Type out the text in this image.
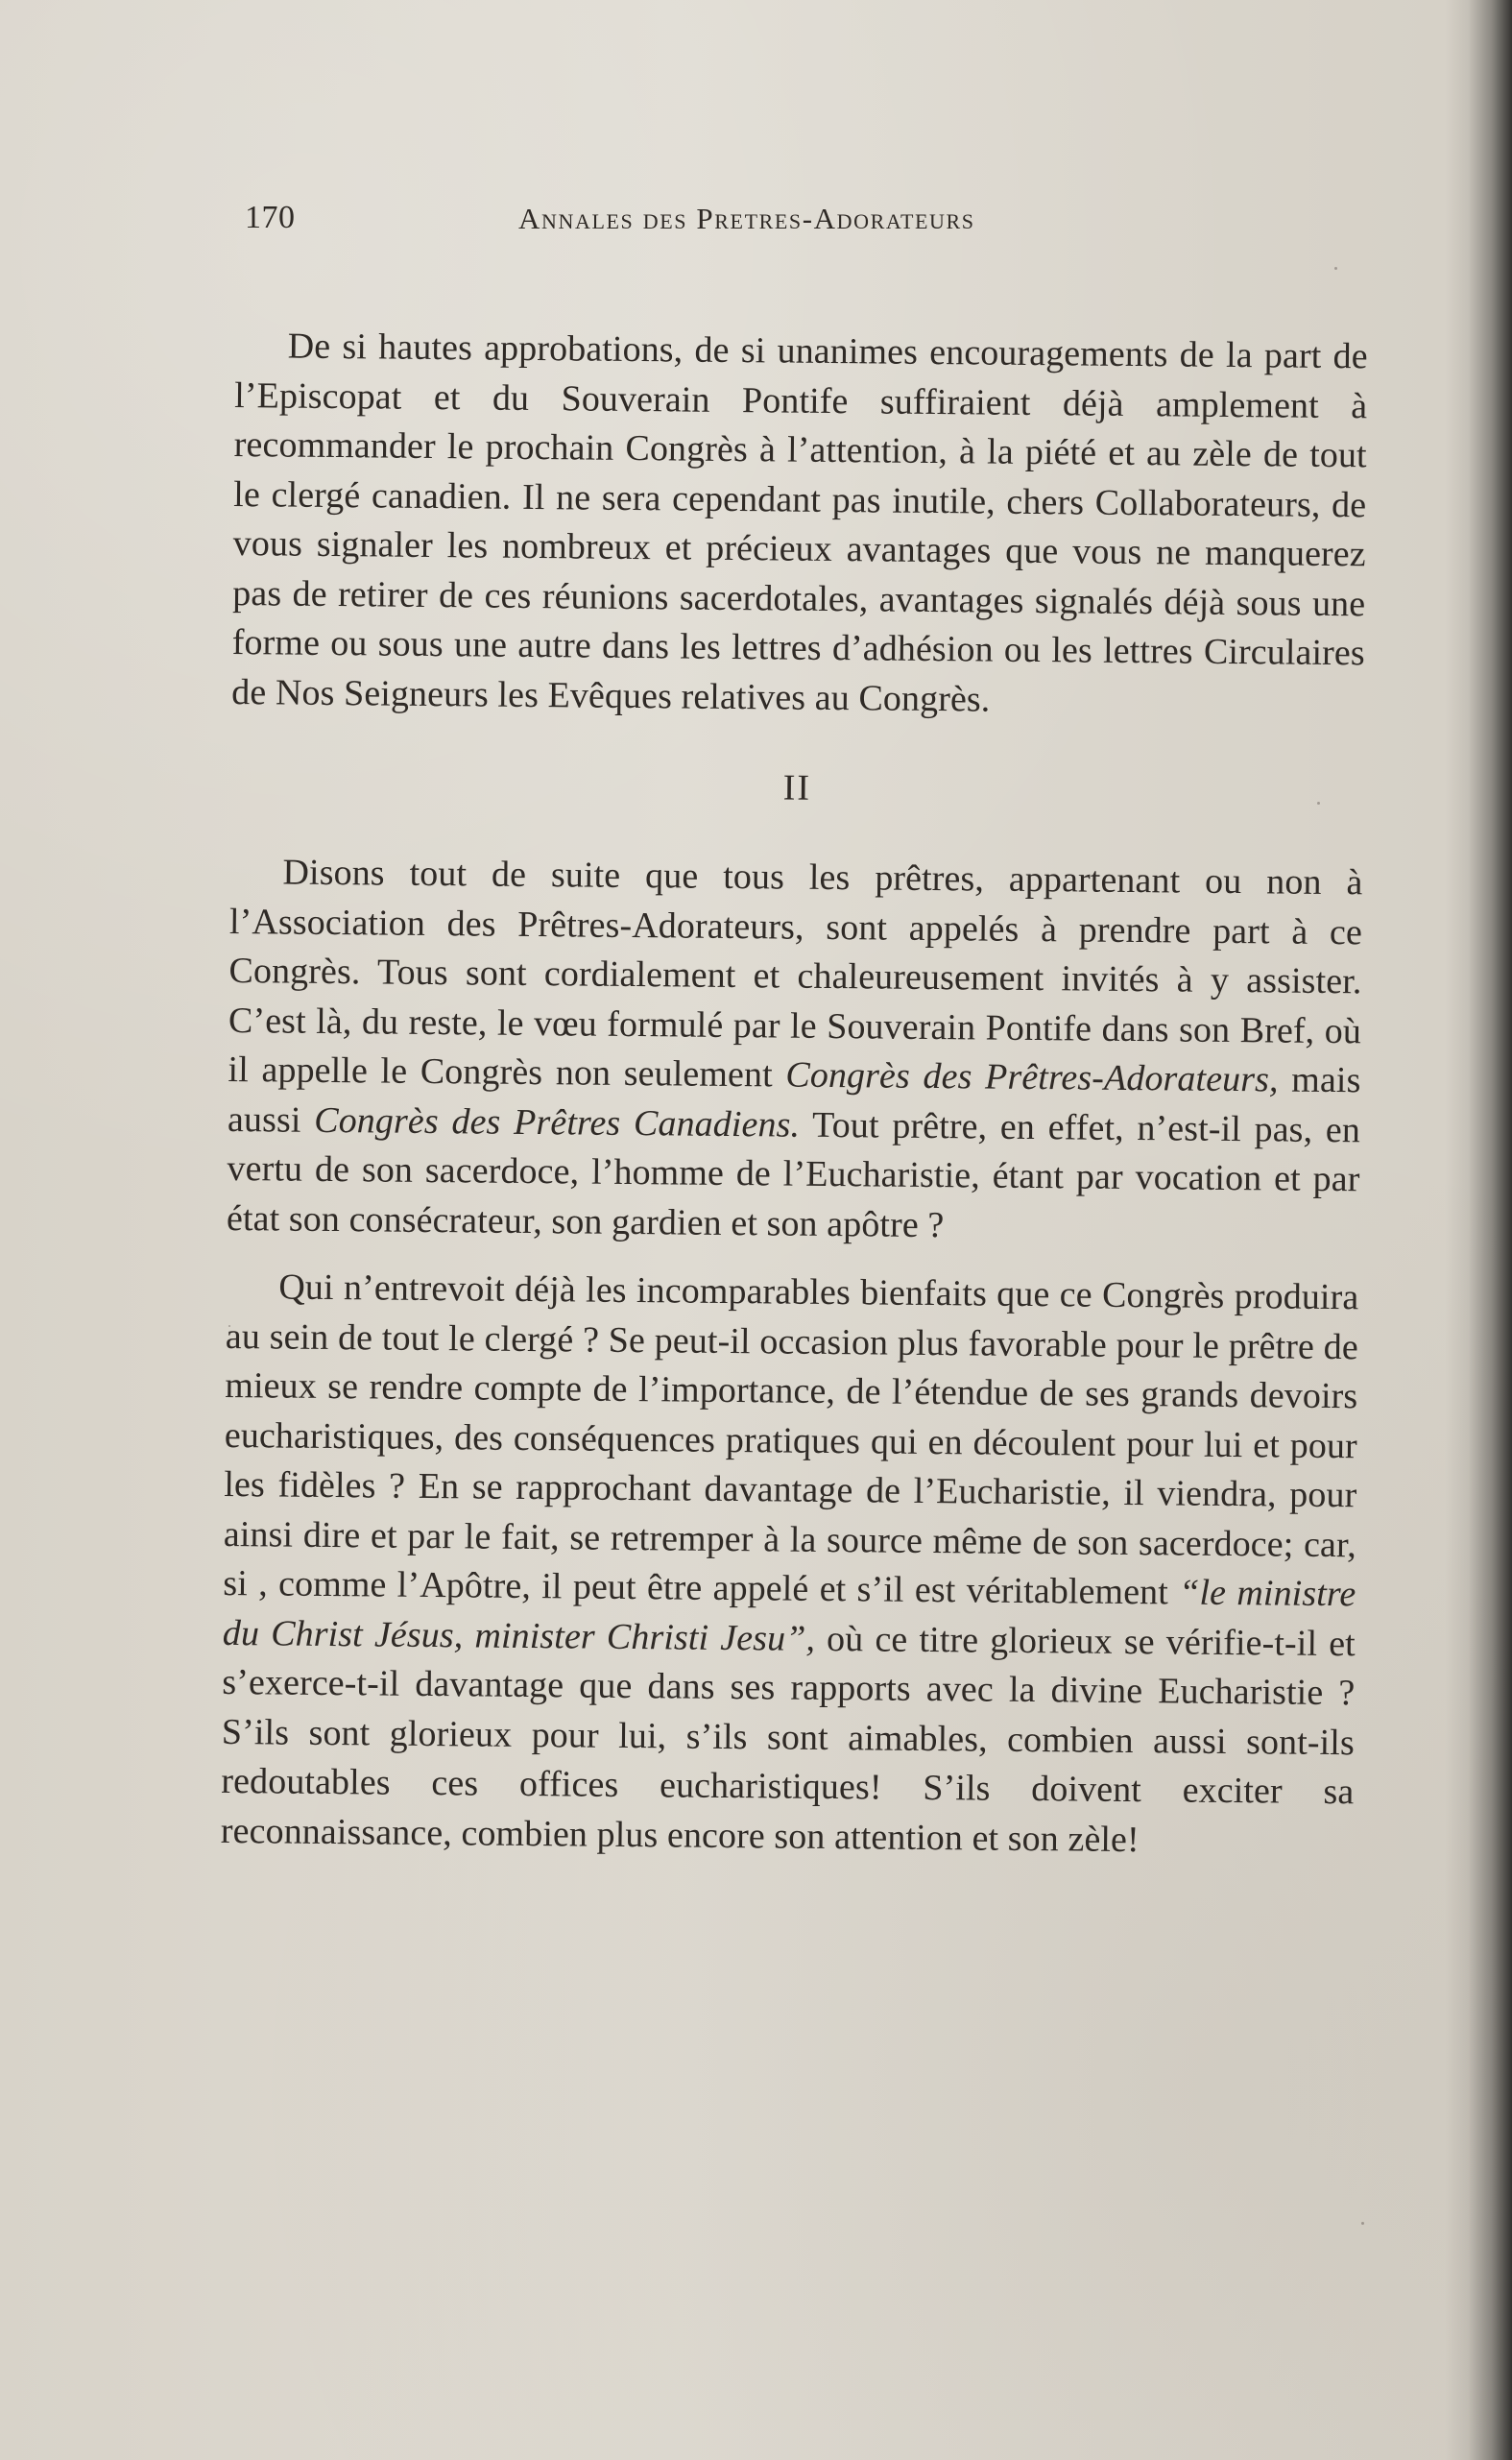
170	Annales des Pretres-Adorateurs

De si hautes approbations, de si unanimes encouragements de la part de l’Episcopat et du Souverain Pontife suffiraient déjà amplement à recommander le prochain Congrès à l’attention, à la piété et au zèle de tout le clergé canadien. Il ne sera cependant pas inutile, chers Collaborateurs, de vous signaler les nombreux et précieux avantages que vous ne manquerez pas de retirer de ces réunions sacerdotales, avantages signalés déjà sous une forme ou sous une autre dans les lettres d’adhésion ou les lettres Circulaires de Nos Seigneurs les Evêques relatives au Congrès.

II

Disons tout de suite que tous les prêtres, appartenant ou non à l’Association des Prêtres-Adorateurs, sont appelés à prendre part à ce Congrès. Tous sont cordialement et chaleureusement invités à y assister. C’est là, du reste, le vœu formulé par le Souverain Pontife dans son Bref, où il appelle le Congrès non seulement Congrès des Prêtres-Adorateurs, mais aussi Congrès des Prêtres Canadiens. Tout prêtre, en effet, n’est-il pas, en vertu de son sacerdoce, l’homme de l’Eucharistie, étant par vocation et par état son consécrateur, son gardien et son apôtre ?

Qui n’entrevoit déjà les incomparables bienfaits que ce Congrès produira au sein de tout le clergé ? Se peut-il occasion plus favorable pour le prêtre de mieux se rendre compte de l’importance, de l’étendue de ses grands devoirs eucharistiques, des conséquences pratiques qui en découlent pour lui et pour les fidèles ? En se rapprochant davantage de l’Eucharistie, il viendra, pour ainsi dire et par le fait, se retremper à la source même de son sacerdoce; car, si , comme l’Apôtre, il peut être appelé et s’il est véritablement “le ministre du Christ Jésus, minister Christi Jesu”, où ce titre glorieux se vérifie-t-il et s’exerce-t-il davantage que dans ses rapports avec la divine Eucharistie ? S’ils sont glorieux pour lui, s’ils sont aimables, combien aussi sont-ils redoutables ces offices eucharistiques! S’ils doivent exciter sa reconnaissance, combien plus encore son attention et son zèle!
